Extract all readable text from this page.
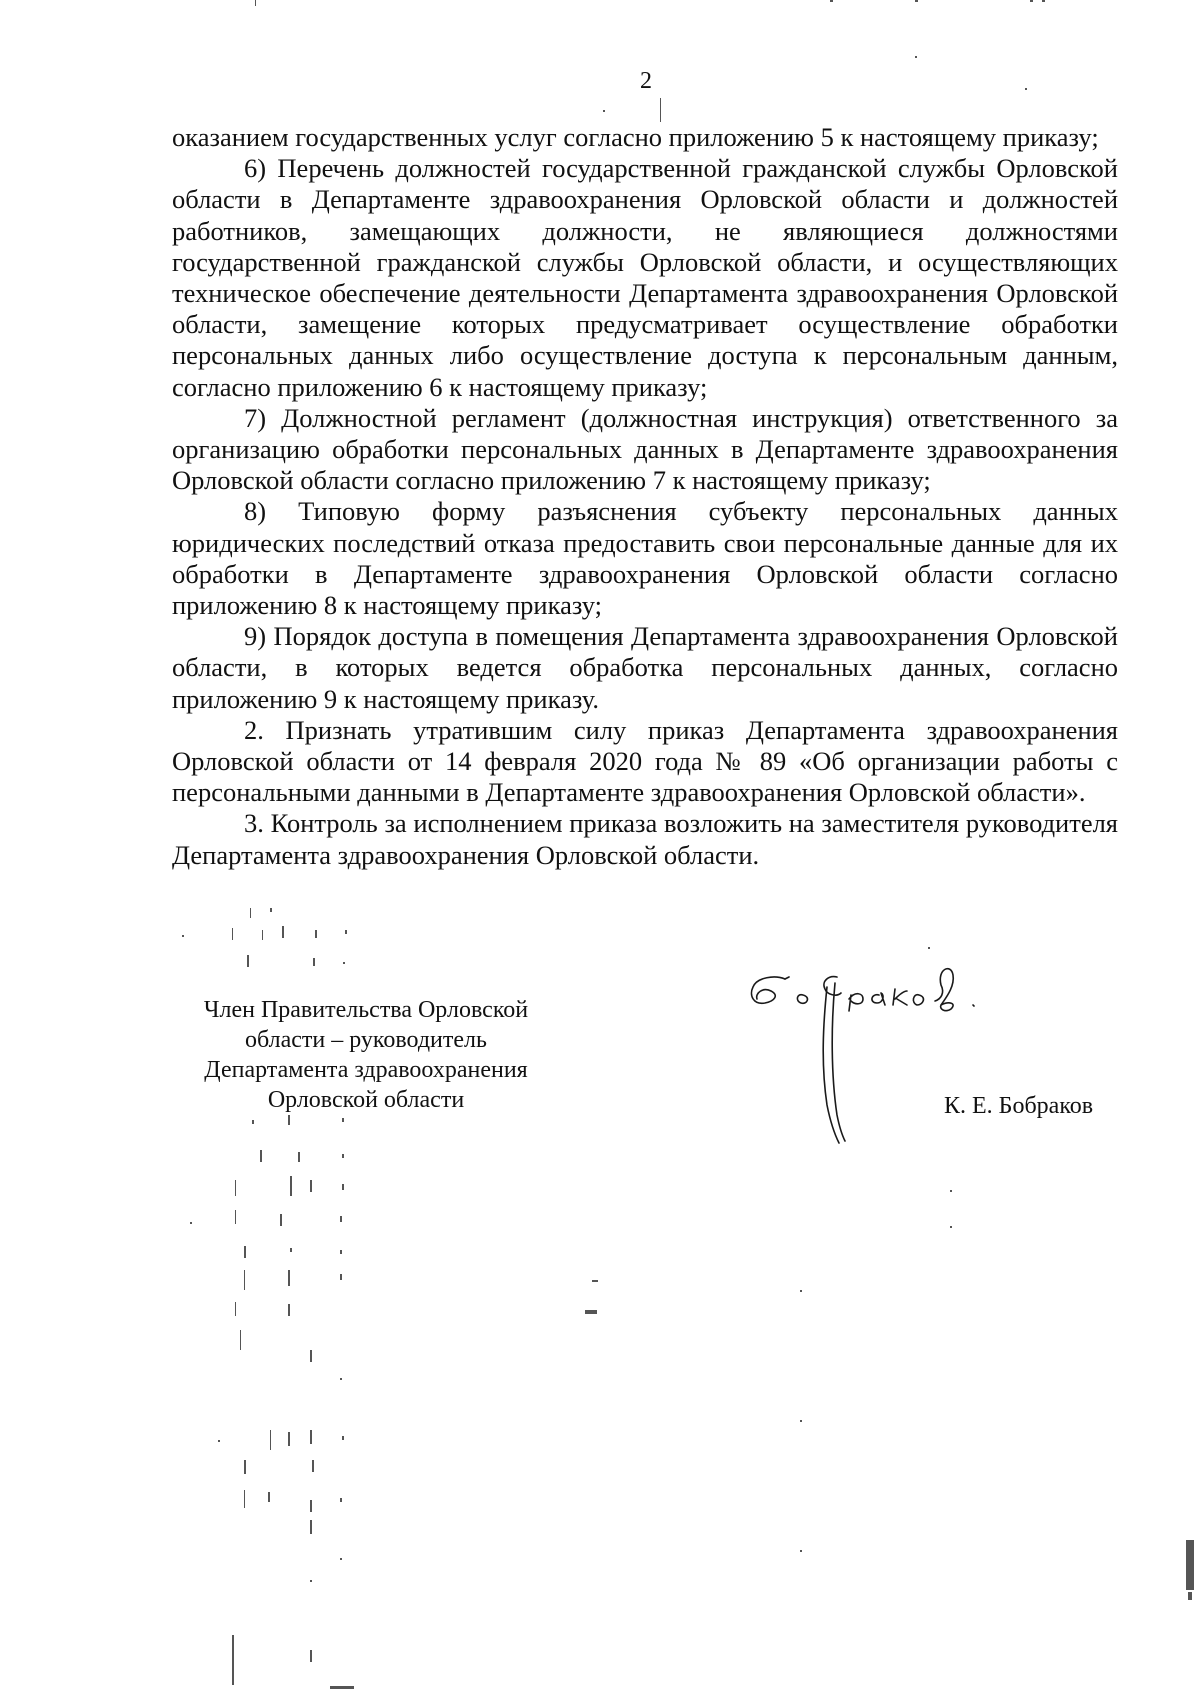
2

оказанием государственных услуг согласно приложению 5 к настоящему приказу;

6) Перечень должностей государственной гражданской службы Орловской области в Департаменте здравоохранения Орловской области и должностей работников, замещающих должности, не являющиеся должностями государственной гражданской службы Орловской области, и осуществляющих техническое обеспечение деятельности Департамента здравоохранения Орловской области, замещение которых предусматривает осуществление обработки персональных данных либо осуществление доступа к персональным данным, согласно приложению 6 к настоящему приказу;

7) Должностной регламент (должностная инструкция) ответственного за организацию обработки персональных данных в Департаменте здравоохранения Орловской области согласно приложению 7 к настоящему приказу;

8) Типовую форму разъяснения субъекту персональных данных юридических последствий отказа предоставить свои персональные данные для их обработки в Департаменте здравоохранения Орловской области согласно приложению 8 к настоящему приказу;

9) Порядок доступа в помещения Департамента здравоохранения Орловской области, в которых ведется обработка персональных данных, согласно приложению 9 к настоящему приказу.

2. Признать утратившим силу приказ Департамента здравоохранения Орловской области от 14 февраля 2020 года № 89 «Об организации работы с персональными данными в Департаменте здравоохранения Орловской области».

3. Контроль за исполнением приказа возложить на заместителя руководителя Департамента здравоохранения Орловской области.

Член Правительства Орловской
области – руководитель
Департамента здравоохранения
Орловской области	К. Е. Бобраков
